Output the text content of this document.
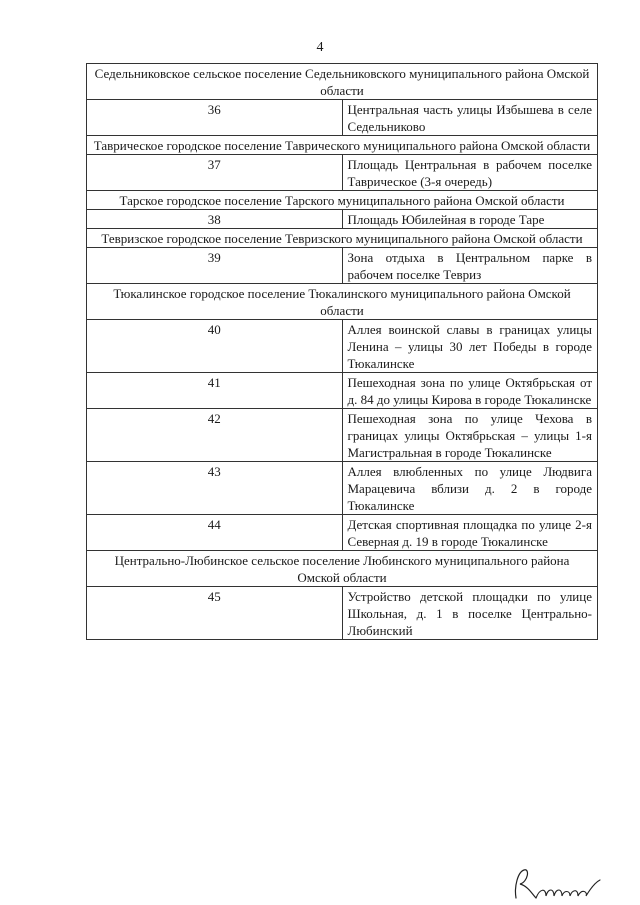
4
Седельниковское сельское поселение Седельниковского муниципального района Омской области	
36	Центральная часть улицы Избышева в селе Седельниково
Таврическое городское поселение Таврического муниципального района Омской области	
37	Площадь Центральная в рабочем поселке Таврическое (3-я очередь)
Тарское городское поселение Тарского муниципального района Омской области	
38	Площадь Юбилейная в городе Таре
Тевризское городское поселение Тевризского муниципального района Омской области	
39	Зона отдыха в Центральном парке в рабочем поселке Тевриз
Тюкалинское городское поселение Тюкалинского муниципального района Омской области	
40	Аллея воинской славы в границах улицы Ленина – улицы 30 лет Победы в городе Тюкалинске
41	Пешеходная зона по улице Октябрьская от д. 84 до улицы Кирова в городе Тюкалинске
42	Пешеходная зона по улице Чехова в границах улицы Октябрьская – улицы 1-я Магистральная в городе Тюкалинске
43	Аллея влюбленных по улице Людвига Марацевича вблизи д. 2 в городе Тюкалинске
44	Детская спортивная площадка по улице 2-я Северная д. 19 в городе Тюкалинске
Центрально-Любинское сельское поселение Любинского муниципального района Омской области	
45	Устройство детской площадки по улице Школьная, д. 1 в поселке Центрально-Любинский
